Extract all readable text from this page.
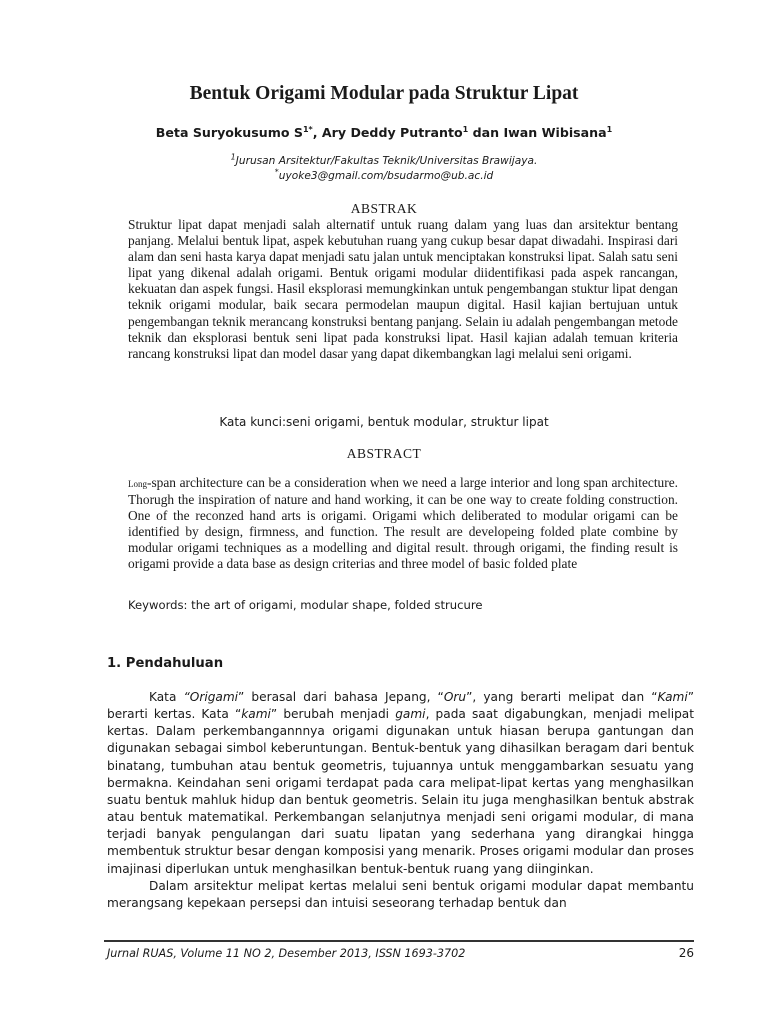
Bentuk Origami Modular pada Struktur Lipat
Beta Suryokusumo $S^{1*}$, Ary Deddy Putranto$^1$ dan Iwan Wibisana$^1$
$^1$Jurusan Arsitektur/Fakultas Teknik/Universitas Brawijaya.
*uyoke3@gmail.com/bsudarmo@ub.ac.id
ABSTRAK
Struktur lipat dapat menjadi salah alternatif untuk ruang dalam yang luas dan arsitektur bentang panjang. Melalui bentuk lipat, aspek kebutuhan ruang yang cukup besar dapat diwadahi. Inspirasi dari alam dan seni hasta karya dapat menjadi satu jalan untuk menciptakan konstruksi lipat. Salah satu seni lipat yang dikenal adalah origami. Bentuk origami modular diidentifikasi pada aspek rancangan, kekuatan dan aspek fungsi. Hasil eksplorasi memungkinkan untuk pengembangan stuktur lipat dengan teknik origami modular, baik secara permodelan maupun digital. Hasil kajian bertujuan untuk pengembangan teknik merancang konstruksi bentang panjang. Selain iu adalah pengembangan metode teknik dan eksplorasi bentuk seni lipat pada konstruksi lipat. Hasil kajian adalah temuan kriteria rancang konstruksi lipat dan model dasar yang dapat dikembangkan lagi melalui seni origami.
Kata kunci:seni origami, bentuk modular, struktur lipat
ABSTRACT
Long-span architecture can be a consideration when we need a large interior and long span architecture. Thorugh the inspiration of nature and hand working, it can be one way to create folding construction. One of the reconzed hand arts is origami. Origami which deliberated to modular origami can be identified by design, firmness, and function. The result are developeing folded plate combine by modular origami techniques as a modelling and digital result. through origami, the finding result is origami provide a data base as design criterias and three model of basic folded plate
Keywords: the art of origami, modular shape, folded strucure
1. Pendahuluan

Kata “Origami” berasal dari bahasa Jepang, “Oru”, yang berarti melipat dan “Kami” berarti kertas. Kata “kami” berubah menjadi gami, pada saat digabungkan, menjadi melipat kertas. Dalam perkembangannnya origami digunakan untuk hiasan berupa gantungan dan digunakan sebagai simbol keberuntungan. Bentuk-bentuk yang dihasilkan beragam dari bentuk binatang, tumbuhan atau bentuk geometris, tujuannya untuk menggambarkan sesuatu yang bermakna. Keindahan seni origami terdapat pada cara melipat-lipat kertas yang menghasilkan suatu bentuk mahluk hidup dan bentuk geometris. Selain itu juga menghasilkan bentuk abstrak atau bentuk matematikal. Perkembangan selanjutnya menjadi seni origami modular, di mana terjadi banyak pengulangan dari suatu lipatan yang sederhana yang dirangkai hingga membentuk struktur besar dengan komposisi yang menarik. Proses origami modular dan proses imajinasi diperlukan untuk menghasilkan bentuk-bentuk ruang yang diinginkan.

Dalam arsitektur melipat kertas melalui seni bentuk origami modular dapat membantu merangsang kepekaan persepsi dan intuisi seseorang terhadap bentuk dan

Jurnal RUAS, Volume 11 NO 2, Desember 2013, ISSN 1693-3702	26
